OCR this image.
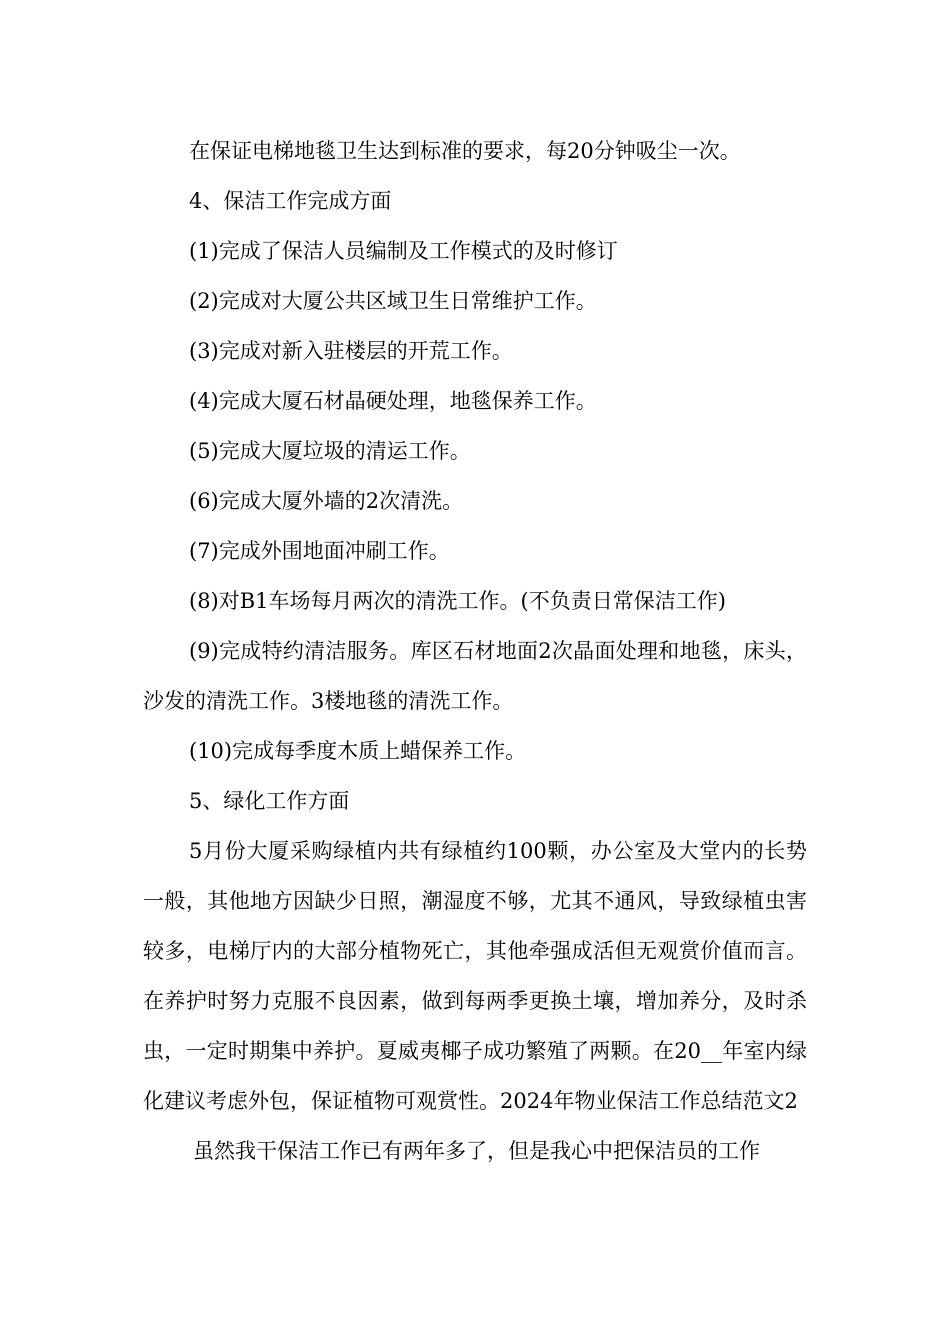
在保证电梯地毯卫生达到标准的要求，每20分钟吸尘一次。

4、保洁工作完成方面

(1)完成了保洁人员编制及工作模式的及时修订

(2)完成对大厦公共区域卫生日常维护工作。

(3)完成对新入驻楼层的开荒工作。

(4)完成大厦石材晶硬处理，地毯保养工作。

(5)完成大厦垃圾的清运工作。

(6)完成大厦外墙的2次清洗。

(7)完成外围地面冲刷工作。

(8)对B1车场每月两次的清洗工作。(不负责日常保洁工作)

(9)完成特约清洁服务。库区石材地面2次晶面处理和地毯，床头，沙发的清洗工作。3楼地毯的清洗工作。

(10)完成每季度木质上蜡保养工作。

5、绿化工作方面

5月份大厦采购绿植内共有绿植约100颗，办公室及大堂内的长势一般，其他地方因缺少日照，潮湿度不够，尤其不通风，导致绿植虫害较多，电梯厅内的大部分植物死亡，其他牵强成活但无观赏价值而言。在养护时努力克服不良因素，做到每两季更换土壤，增加养分，及时杀虫，一定时期集中养护。夏威夷椰子成功繁殖了两颗。在20__年室内绿化建议考虑外包，保证植物可观赏性。2024年物业保洁工作总结范文2

虽然我干保洁工作已有两年多了，但是我心中把保洁员的工作
